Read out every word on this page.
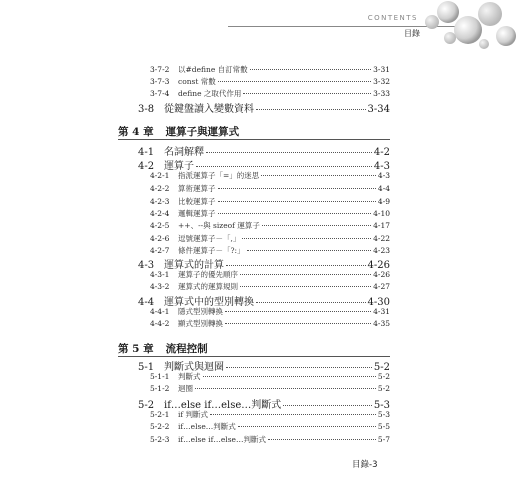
CONTENTS
目錄
3-7-2	以#define 自訂常數	3-31
3-7-3	const 常數	3-32
3-7-4	define 之取代作用	3-33
3-8 從鍵盤讀入變數資料	3-34
第 4 章 運算子與運算式
4-1 名詞解釋	4-2
4-2 運算子	4-3
4-2-1	指派運算子「=」的迷思	4-3
4-2-2	算術運算子	4-4
4-2-3	比較運算子	4-9
4-2-4	邏輯運算子	4-10
4-2-5	++、--與 sizeof 運算子	4-17
4-2-6	逗號運算子－「,」	4-22
4-2-7	條件運算子－「?:」	4-23
4-3 運算式的計算	4-26
4-3-1	運算子的優先順序	4-26
4-3-2	運算式的運算規則	4-27
4-4 運算式中的型別轉換	4-30
4-4-1	隱式型別轉換	4-31
4-4-2	顯式型別轉換	4-35
第 5 章 流程控制
5-1 判斷式與迴圈	5-2
5-1-1	判斷式	5-2
5-1-2	迴圈	5-2
5-2 if…else if…else…判斷式	5-3
5-2-1	if 判斷式	5-3
5-2-2	if…else…判斷式	5-5
5-2-3	if…else if…else…判斷式	5-7
目錄-3
